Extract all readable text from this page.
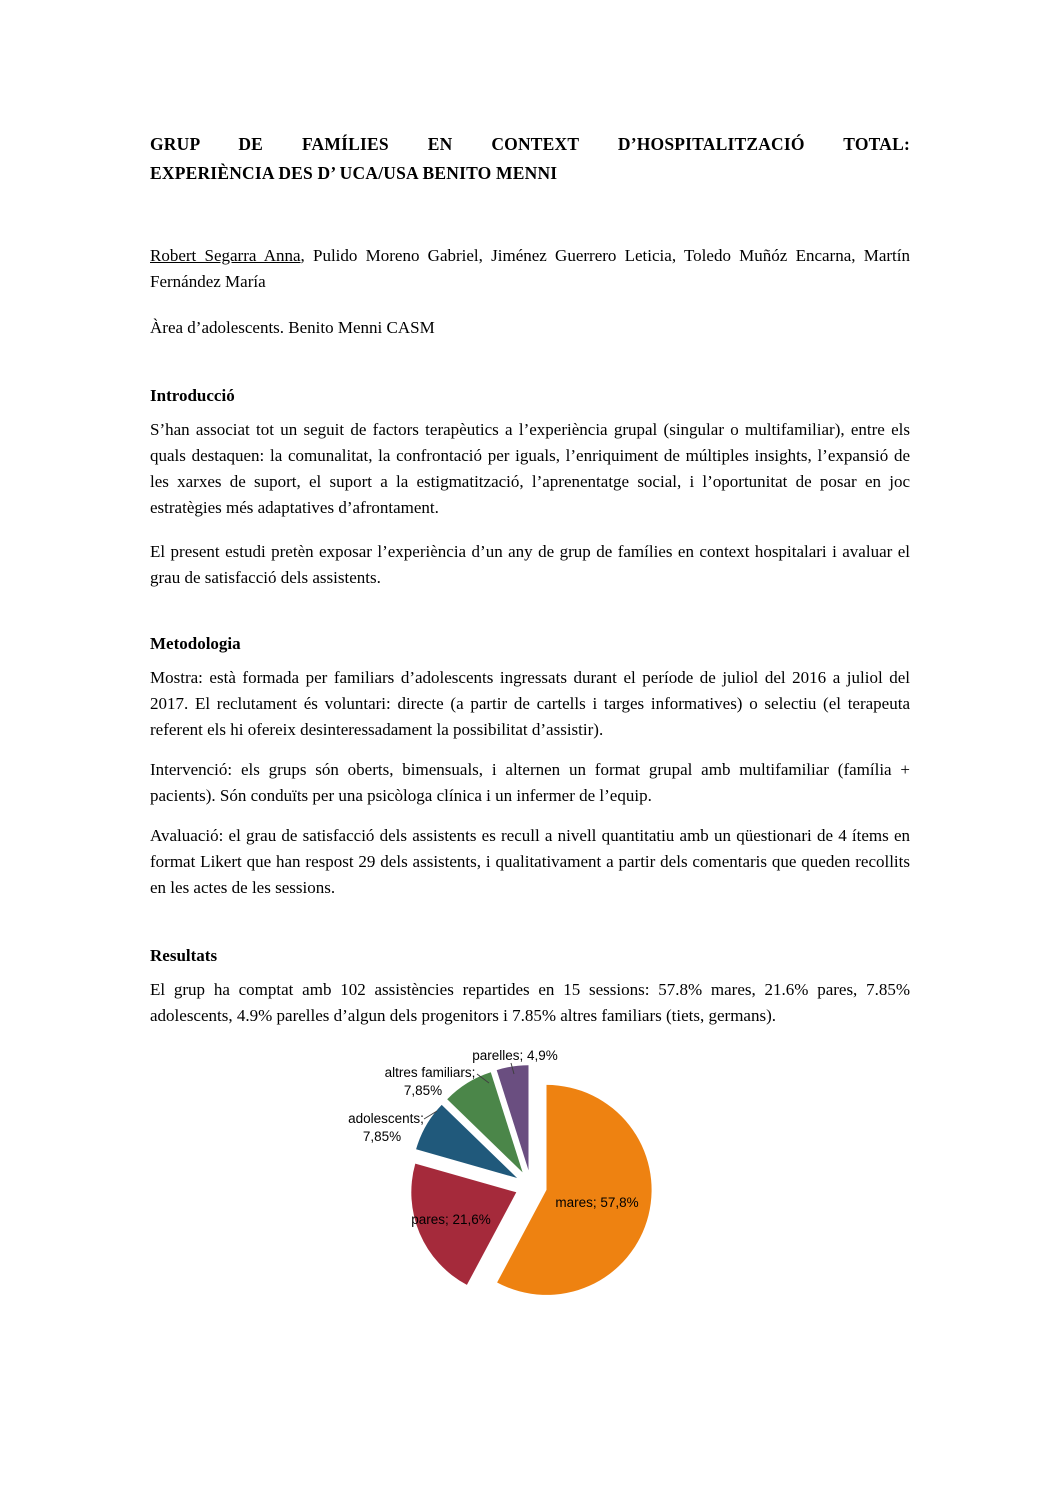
GRUP DE FAMÍLIES EN CONTEXT D’HOSPITALITZACIÓ TOTAL:
EXPERIÈNCIA DES D’ UCA/USA BENITO MENNI

Robert Segarra Anna, Pulido Moreno Gabriel, Jiménez Guerrero Leticia, Toledo Muñóz Encarna, Martín Fernández María

Àrea d’adolescents. Benito Menni CASM

Introducció

S’han associat tot un seguit de factors terapèutics a l’experiència grupal (singular o multifamiliar), entre els quals destaquen: la comunalitat, la confrontació per iguals, l’enriquiment de múltiples insights, l’expansió de les xarxes de suport, el suport a la estigmatització, l’aprenentatge social, i l’oportunitat de posar en joc estratègies més adaptatives d’afrontament.

El present estudi pretèn exposar l’experiència d’un any de grup de famílies en context hospitalari i avaluar el grau de satisfacció dels assistents.

Metodologia

Mostra: està formada per familiars d’adolescents ingressats durant el període de juliol del 2016 a juliol del 2017. El reclutament és voluntari: directe (a partir de cartells i targes informatives) o selectiu (el terapeuta referent els hi ofereix desinteressadament la possibilitat d’assistir).

Intervenció: els grups són oberts, bimensuals, i alternen un format grupal amb multifamiliar (família + pacients). Són conduïts per una psicòloga clínica i un infermer de l’equip.

Avaluació: el grau de satisfacció dels assistents es recull a nivell quantitatiu amb un qüestionari de 4 ítems en format Likert que han respost 29 dels assistents, i qualitativament a partir dels comentaris que queden recollits en les actes de les sessions.

Resultats

El grup ha comptat amb 102 assistències repartides en 15 sessions: 57.8% mares, 21.6% pares, 7.85% adolescents, 4.9% parelles d’algun dels progenitors i 7.85% altres familiars (tiets, germans).

mares; 57,8%
pares; 21,6%
adolescents;
7,85%
altres familiars;
7,85%
parelles; 4,9%
